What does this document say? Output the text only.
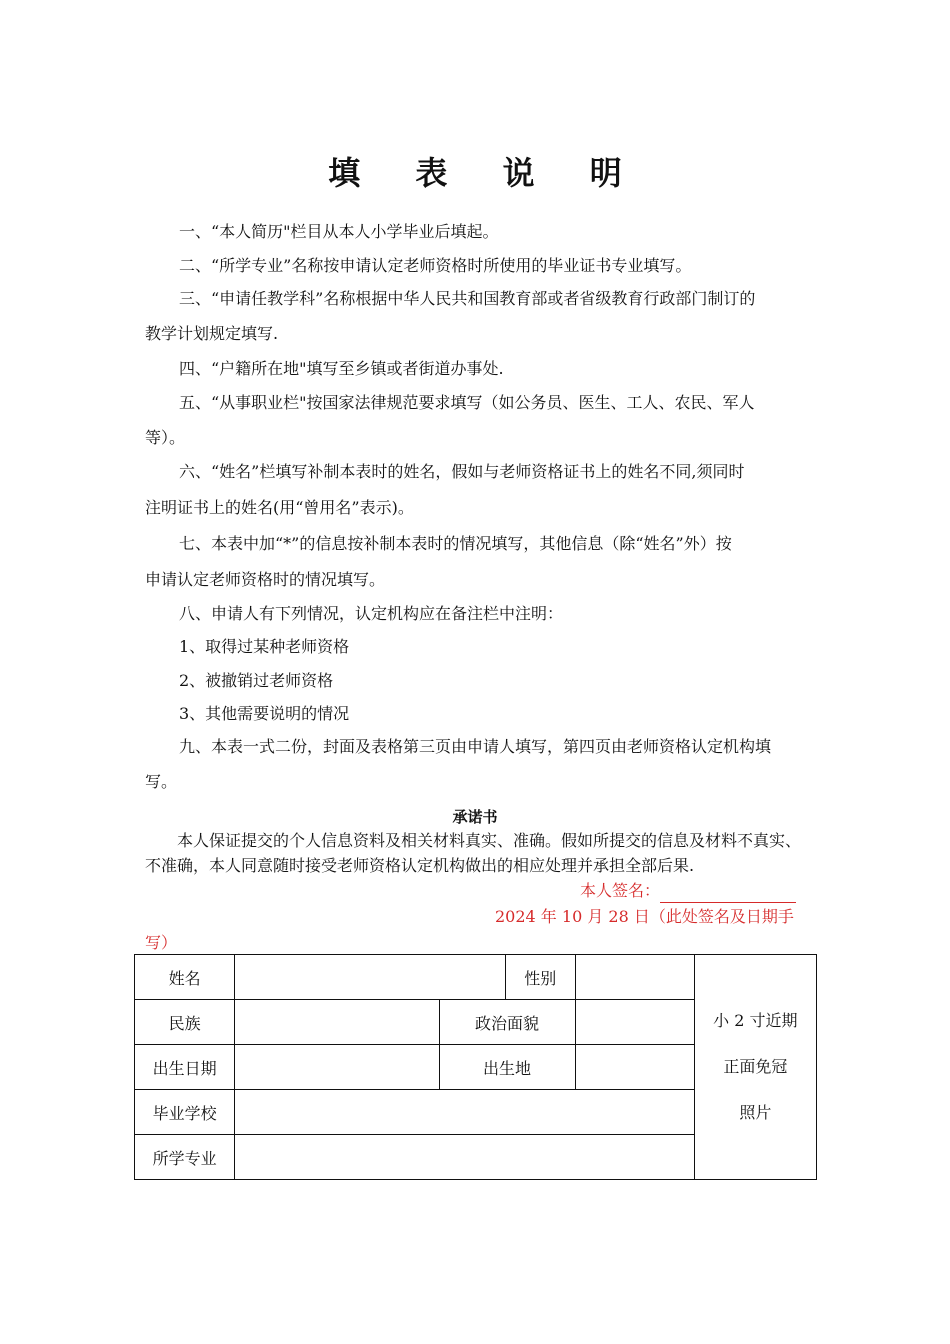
填 表 说 明

一、“本人简历"栏目从本人小学毕业后填起。

二、“所学专业”名称按申请认定老师资格时所使用的毕业证书专业填写。

三、“申请任教学科”名称根据中华人民共和国教育部或者省级教育行政部门制订的

教学计划规定填写.

四、“户籍所在地"填写至乡镇或者街道办事处.

五、“从事职业栏"按国家法律规范要求填写（如公务员、医生、工人、农民、军人

等）。

六、“姓名”栏填写补制本表时的姓名，假如与老师资格证书上的姓名不同,须同时

注明证书上的姓名(用“曾用名”表示)。

七、本表中加“*”的信息按补制本表时的情况填写，其他信息（除“姓名”外）按

申请认定老师资格时的情况填写。

八、申请人有下列情况，认定机构应在备注栏中注明：

1、取得过某种老师资格

2、被撤销过老师资格

3、其他需要说明的情况

九、本表一式二份，封面及表格第三页由申请人填写，第四页由老师资格认定机构填

写。

承诺书

本人保证提交的个人信息资料及相关材料真实、准确。假如所提交的信息及材料不真实、不准确，本人同意随时接受老师资格认定机构做出的相应处理并承担全部后果.

本人签名：
2024 年 10 月 28 日（此处签名及日期手写）
姓名			性别		小 2 寸近期
正面免冠
照片

民族		政治面貌			
出生日期		出生地			
毕业学校					
所学专业					
